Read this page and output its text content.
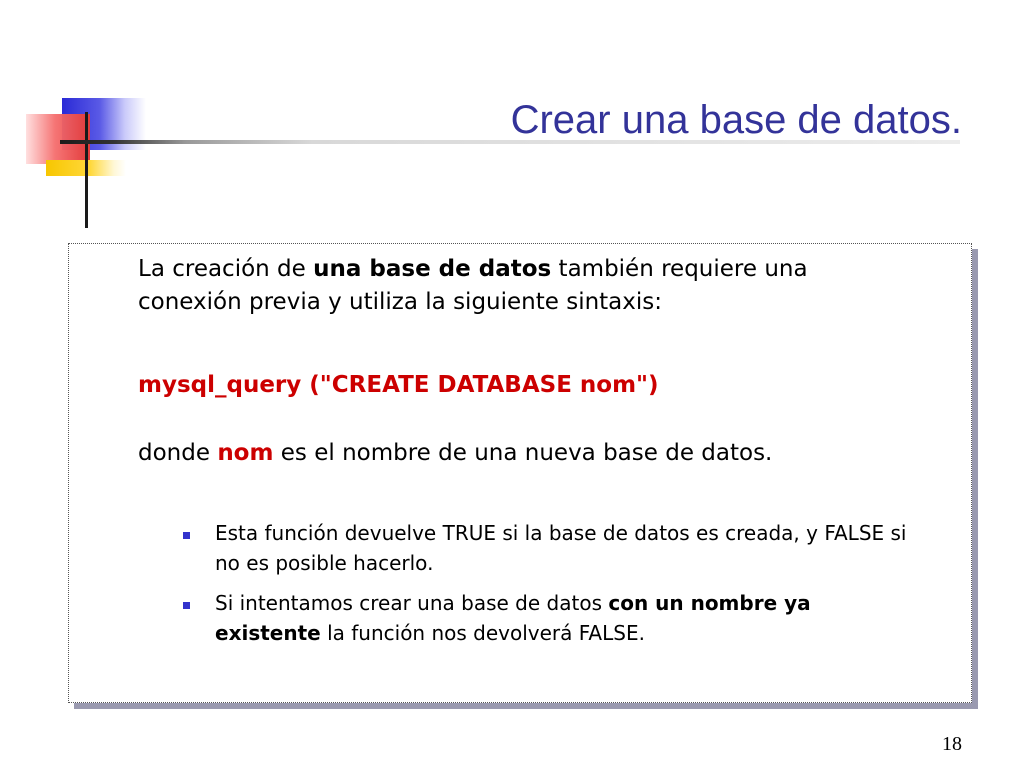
Crear una base de datos.

La creación de una base de datos también requiere una conexión previa y utiliza la siguiente sintaxis:

mysql_query ("CREATE DATABASE nom")

donde nom es el nombre de una nueva base de datos.

Esta función devuelve TRUE si la base de datos es creada, y FALSE si no es posible hacerlo.
Si intentamos crear una base de datos con un nombre ya existente la función nos devolverá FALSE.
18
